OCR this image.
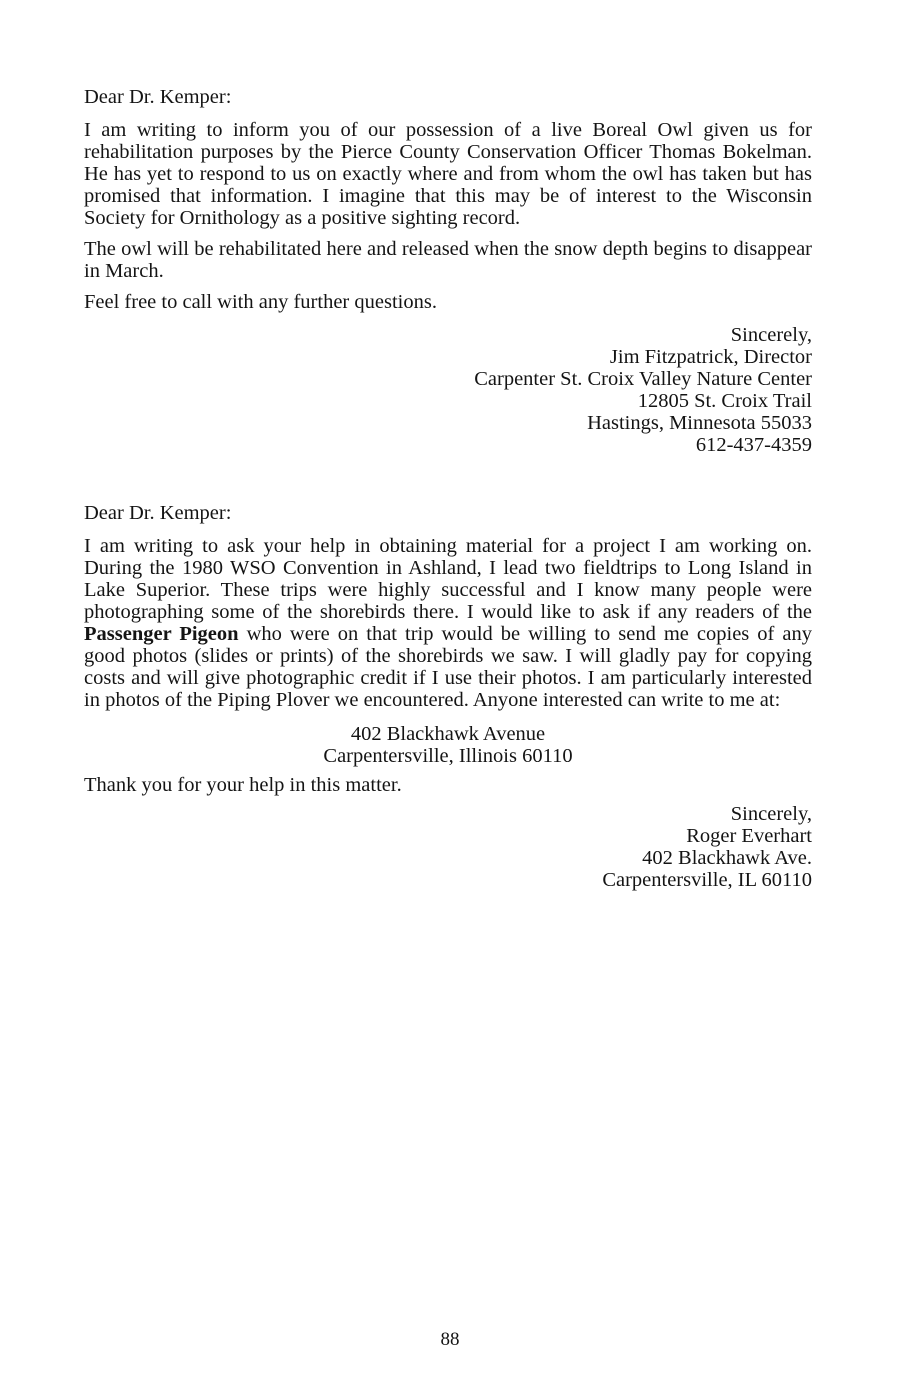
Dear Dr. Kemper:

I am writing to inform you of our possession of a live Boreal Owl given us for rehabilitation purposes by the Pierce County Conservation Officer Thomas Bokelman. He has yet to respond to us on exactly where and from whom the owl has taken but has promised that information. I imagine that this may be of interest to the Wisconsin Society for Ornithology as a positive sighting record.

The owl will be rehabilitated here and released when the snow depth begins to disappear in March.

Feel free to call with any further questions.

Sincerely,
Jim Fitzpatrick, Director
Carpenter St. Croix Valley Nature Center
12805 St. Croix Trail
Hastings, Minnesota 55033
612-437-4359

Dear Dr. Kemper:

I am writing to ask your help in obtaining material for a project I am working on. During the 1980 WSO Convention in Ashland, I lead two fieldtrips to Long Island in Lake Superior. These trips were highly successful and I know many people were photographing some of the shorebirds there. I would like to ask if any readers of the Passenger Pigeon who were on that trip would be willing to send me copies of any good photos (slides or prints) of the shorebirds we saw. I will gladly pay for copying costs and will give photographic credit if I use their photos. I am particularly interested in photos of the Piping Plover we encountered. Anyone interested can write to me at:

402 Blackhawk Avenue
Carpentersville, Illinois 60110

Thank you for your help in this matter.

Sincerely,
Roger Everhart
402 Blackhawk Ave.
Carpentersville, IL 60110
88
